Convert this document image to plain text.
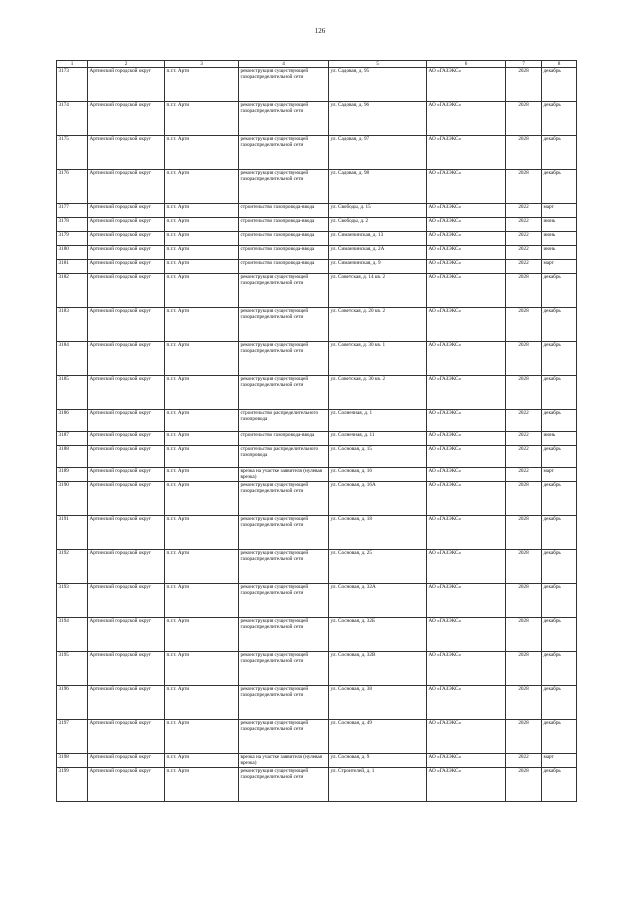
126
1	2	3	4	5	6	7	8
3173	Артинский городской округ	п.г.т. Арти	реконструкция существующей газораспределительной сети	ул. Садовая, д. 95	АО «ГАЗЭКС»	2028	декабрь
3174	Артинский городской округ	п.г.т. Арти	реконструкция существующей газораспределительной сети	ул. Садовая, д. 96	АО «ГАЗЭКС»	2028	декабрь
3175	Артинский городской округ	п.г.т. Арти	реконструкция существующей газораспределительной сети	ул. Садовая, д. 97	АО «ГАЗЭКС»	2028	декабрь
3176	Артинский городской округ	п.г.т. Арти	реконструкция существующей газораспределительной сети	ул. Садовая, д. 98	АО «ГАЗЭКС»	2028	декабрь
3177	Артинский городской округ	п.г.т. Арти	строительство газопровода-ввода	ул. Свободы, д. 15	АО «ГАЗЭКС»	2022	март
3178	Артинский городской округ	п.г.т. Арти	строительство газопровода-ввода	ул. Свободы, д. 2	АО «ГАЗЭКС»	2022	июнь
3179	Артинский городской округ	п.г.т. Арти	строительство газопровода-ввода	ул. Симанчинская, д. 13	АО «ГАЗЭКС»	2022	июнь
3180	Артинский городской округ	п.г.т. Арти	строительство газопровода-ввода	ул. Симанчинская, д. 2А	АО «ГАЗЭКС»	2022	июнь
3181	Артинский городской округ	п.г.т. Арти	строительство газопровода-ввода	ул. Симанчинская, д. 9	АО «ГАЗЭКС»	2022	март
3182	Артинский городской округ	п.г.т. Арти	реконструкция существующей газораспределительной сети	ул. Советская, д. 14 кв. 2	АО «ГАЗЭКС»	2028	декабрь
3183	Артинский городской округ	п.г.т. Арти	реконструкция существующей газораспределительной сети	ул. Советская, д. 20 кв. 2	АО «ГАЗЭКС»	2028	декабрь
3184	Артинский городской округ	п.г.т. Арти	реконструкция существующей газораспределительной сети	ул. Советская, д. 30 кв. 1	АО «ГАЗЭКС»	2028	декабрь
3185	Артинский городской округ	п.г.т. Арти	реконструкция существующей газораспределительной сети	ул. Советская, д. 30 кв. 2	АО «ГАЗЭКС»	2028	декабрь
3186	Артинский городской округ	п.г.т. Арти	строительство распределительного газопровода	ул. Солнечная, д. 1	АО «ГАЗЭКС»	2022	декабрь
3187	Артинский городской округ	п.г.т. Арти	строительство газопровода-ввода	ул. Солнечная, д. 11	АО «ГАЗЭКС»	2022	июнь
3188	Артинский городской округ	п.г.т. Арти	строительство распределительного газопровода	ул. Сосновая, д. 15	АО «ГАЗЭКС»	2022	декабрь
3189	Артинский городской округ	п.г.т. Арти	врезка на участке заявителя (нулевая врезка)	ул. Сосновая, д. 16	АО «ГАЗЭКС»	2022	март
3190	Артинский городской округ	п.г.т. Арти	реконструкция существующей газораспределительной сети	ул. Сосновая, д. 16А	АО «ГАЗЭКС»	2028	декабрь
3191	Артинский городской округ	п.г.т. Арти	реконструкция существующей газораспределительной сети	ул. Сосновая, д. 18	АО «ГАЗЭКС»	2028	декабрь
3192	Артинский городской округ	п.г.т. Арти	реконструкция существующей газораспределительной сети	ул. Сосновая, д. 25	АО «ГАЗЭКС»	2028	декабрь
3193	Артинский городской округ	п.г.т. Арти	реконструкция существующей газораспределительной сети	ул. Сосновая, д. 32А	АО «ГАЗЭКС»	2028	декабрь
3194	Артинский городской округ	п.г.т. Арти	реконструкция существующей газораспределительной сети	ул. Сосновая, д. 32Б	АО «ГАЗЭКС»	2028	декабрь
3195	Артинский городской округ	п.г.т. Арти	реконструкция существующей газораспределительной сети	ул. Сосновая, д. 32В	АО «ГАЗЭКС»	2028	декабрь
3196	Артинский городской округ	п.г.т. Арти	реконструкция существующей газораспределительной сети	ул. Сосновая, д. 38	АО «ГАЗЭКС»	2028	декабрь
3197	Артинский городской округ	п.г.т. Арти	реконструкция существующей газораспределительной сети	ул. Сосновая, д. 49	АО «ГАЗЭКС»	2028	декабрь
3198	Артинский городской округ	п.г.т. Арти	врезка на участке заявителя (нулевая врезка)	ул. Сосновая, д. 9	АО «ГАЗЭКС»	2022	март
3199	Артинский городской округ	п.г.т. Арти	реконструкция существующей газораспределительной сети	ул. Строителей, д. 1	АО «ГАЗЭКС»	2028	декабрь
